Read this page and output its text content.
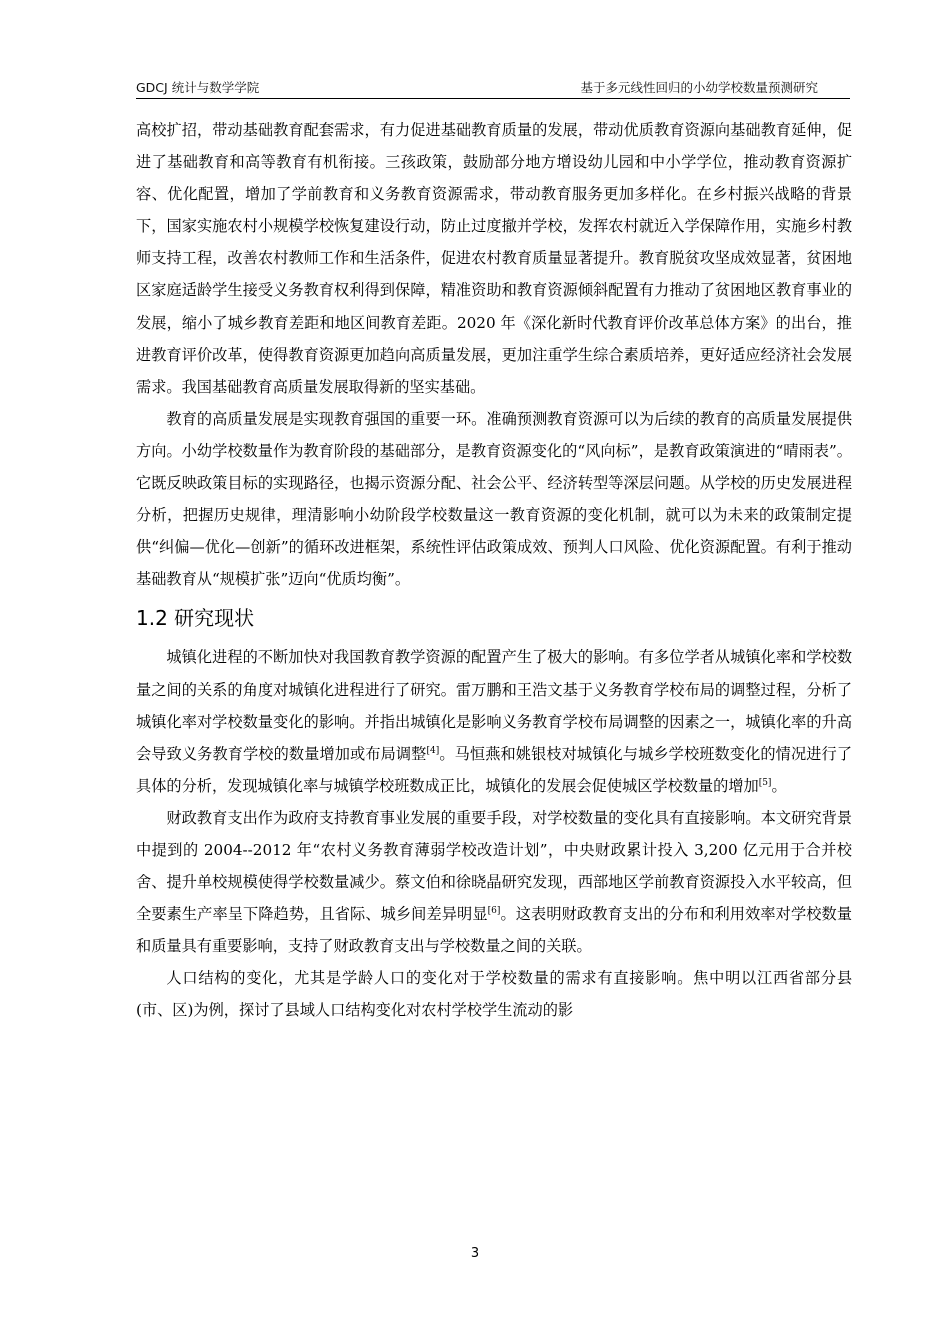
GDCJ 统计与数学学院	基于多元线性回归的小幼学校数量预测研究

高校扩招，带动基础教育配套需求，有力促进基础教育质量的发展，带动优质教育资源向基础教育延伸，促进了基础教育和高等教育有机衔接。三孩政策，鼓励部分地方增设幼儿园和中小学学位，推动教育资源扩容、优化配置，增加了学前教育和义务教育资源需求，带动教育服务更加多样化。在乡村振兴战略的背景下，国家实施农村小规模学校恢复建设行动，防止过度撤并学校，发挥农村就近入学保障作用，实施乡村教师支持工程，改善农村教师工作和生活条件，促进农村教育质量显著提升。教育脱贫攻坚成效显著，贫困地区家庭适龄学生接受义务教育权利得到保障，精准资助和教育资源倾斜配置有力推动了贫困地区教育事业的发展，缩小了城乡教育差距和地区间教育差距。2020 年《深化新时代教育评价改革总体方案》的出台，推进教育评价改革，使得教育资源更加趋向高质量发展，更加注重学生综合素质培养，更好适应经济社会发展需求。我国基础教育高质量发展取得新的坚实基础。

教育的高质量发展是实现教育强国的重要一环。准确预测教育资源可以为后续的教育的高质量发展提供方向。小幼学校数量作为教育阶段的基础部分，是教育资源变化的“风向标”，是教育政策演进的“晴雨表”。它既反映政策目标的实现路径，也揭示资源分配、社会公平、经济转型等深层问题。从学校的历史发展进程分析，把握历史规律，理清影响小幼阶段学校数量这一教育资源的变化机制，就可以为未来的政策制定提供“纠偏—优化—创新”的循环改进框架，系统性评估政策成效、预判人口风险、优化资源配置。有利于推动基础教育从“规模扩张”迈向“优质均衡”。

1.2 研究现状

城镇化进程的不断加快对我国教育教学资源的配置产生了极大的影响。有多位学者从城镇化率和学校数量之间的关系的角度对城镇化进程进行了研究。雷万鹏和王浩文基于义务教育学校布局的调整过程，分析了城镇化率对学校数量变化的影响。并指出城镇化是影响义务教育学校布局调整的因素之一，城镇化率的升高会导致义务教育学校的数量增加或布局调整[4]。马恒燕和姚银枝对城镇化与城乡学校班数变化的情况进行了具体的分析，发现城镇化率与城镇学校班数成正比，城镇化的发展会促使城区学校数量的增加[5]。

财政教育支出作为政府支持教育事业发展的重要手段，对学校数量的变化具有直接影响。本文研究背景中提到的 2004--2012 年“农村义务教育薄弱学校改造计划”，中央财政累计投入 3,200 亿元用于合并校舍、提升单校规模使得学校数量减少。蔡文伯和徐晓晶研究发现，西部地区学前教育资源投入水平较高，但全要素生产率呈下降趋势，且省际、城乡间差异明显[6]。这表明财政教育支出的分布和利用效率对学校数量和质量具有重要影响，支持了财政教育支出与学校数量之间的关联。

人口结构的变化，尤其是学龄人口的变化对于学校数量的需求有直接影响。焦中明以江西省部分县(市、区)为例，探讨了县域人口结构变化对农村学校学生流动的影

3
